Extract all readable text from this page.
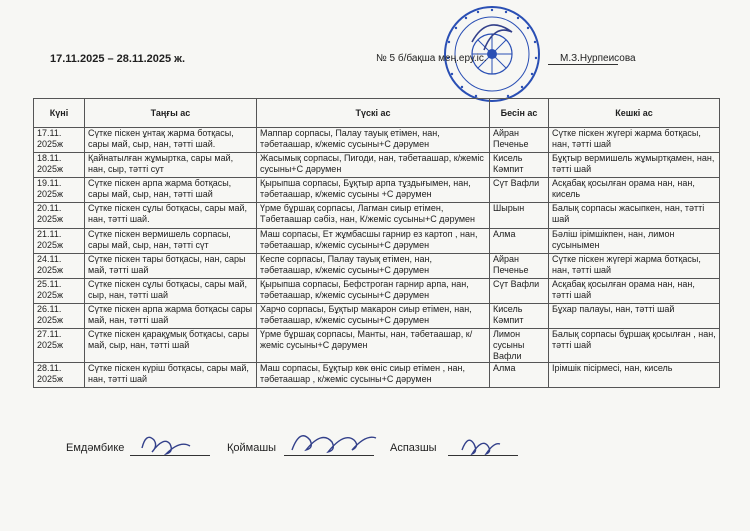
17.11.2025 – 28.11.2025 ж.	№ 5 б/бақша мең.еру.іс.	М.З.Нурпеисова
Күні	Таңғы ас	Түскі ас	Бесін ас	Кешкі ас
17.11. 2025ж	Сүтке піскен ұнтақ жарма ботқасы, сары май, сыр, нан, тәтті шай.	Маппар сорпасы, Палау тауық етімен, нан, тәбетаашар, к/жеміс сусыны+С дәрумен	Айран Печенье	Сүтке піскен жүгері жарма ботқасы, нан, тәтті шай
18.11. 2025ж	Қайнатылған жұмыртка, сары май, нан, сыр, тәтті сут	Жасымық сорпасы, Пигоди, нан, тәбетаашар, к/жеміс сусыны+С дәрумен	Кисель Кәмпит	Бұқтыр вермишель жұмыртқамен, нан, тәтті шай
19.11. 2025ж	Сүтке піскен арпа жарма ботқасы, сары май, сыр, нан, тәтті шай	Қырыпша сорпасы, Бұқтыр арпа тұздығымен, нан, тәбетаашар, к/жеміс сусыны +С дәрумен	Сүт Вафли	Асқабақ қосылған орама нан, нан, кисель
20.11. 2025ж	Сүтке піскен сұлы ботқасы, сары май, нан, тәтті шай.	Үрме бұршақ сорпасы, Лагман сиыр етімен, Тәбетаашар сәбіз, нан, К/жеміс сусыны+С дәрумен	Шырын	Балық сорпасы жасыпкен, нан, тәтті шай
21.11. 2025ж	Сүтке піскен вермишель сорпасы, сары май, сыр, нан, тәтті сүт	Маш сорпасы, Ет жұмбасшы гарнир ез картоп , нан, тәбетаашар, к/жеміс сусыны+С дәрумен	Алма	Бәліш ірімшікпен, нан, лимон сусынымен
24.11. 2025ж	Сүтке піскен тары ботқасы, нан, сары май, тәтті шай	Кеспе сорпасы, Палау тауық етімен, нан, тәбетаашар, к/жеміс сусыны+С дәрумен	Айран Печенье	Сүтке піскен жүгері жарма ботқасы, нан, тәтті шай
25.11. 2025ж	Сүтке піскен сұлы ботқасы, сары май, сыр, нан, тәтті шай	Қырыпша сорпасы, Бефстроган гарнир арпа, нан, тәбетаашар, к/жеміс сусыны+С дәрумен	Сүт Вафли	Асқабақ қосылған орама нан, нан, тәтті шай
26.11. 2025ж	Сүтке піскен арпа жарма ботқасы сары май, нан, тәтті шай	Харчо сорпасы, Бұқтыр макарон сиыр етімен, нан, тәбетаашар, к/жеміс сусыны+С дәрумен	Кисель Кәмпит	Бұхар палауы, нан, тәтті шай
27.11. 2025ж	Сүтке піскен қарақұмық ботқасы, сары май, сыр, нан, тәтті шай	Үрме бұршақ сорпасы, Манты, нан, тәбетаашар, к/жеміс сусыны+С дәрумен	Лимон сусыны Вафли	Балық сорпасы бұршақ қосылған , нан, тәтті шай
28.11. 2025ж	Сүтке піскен күріш ботқасы, сары май, нан, тәтті шай	Маш сорпасы, Бұқтыр көк өніс сиыр етімен , нан, тәбетаашар , к/жеміс сусыны+С дәрумен	Алма	Ірімшік пісірмесі, нан, кисель
Емдәмбике	Қоймашы	Аспазшы
